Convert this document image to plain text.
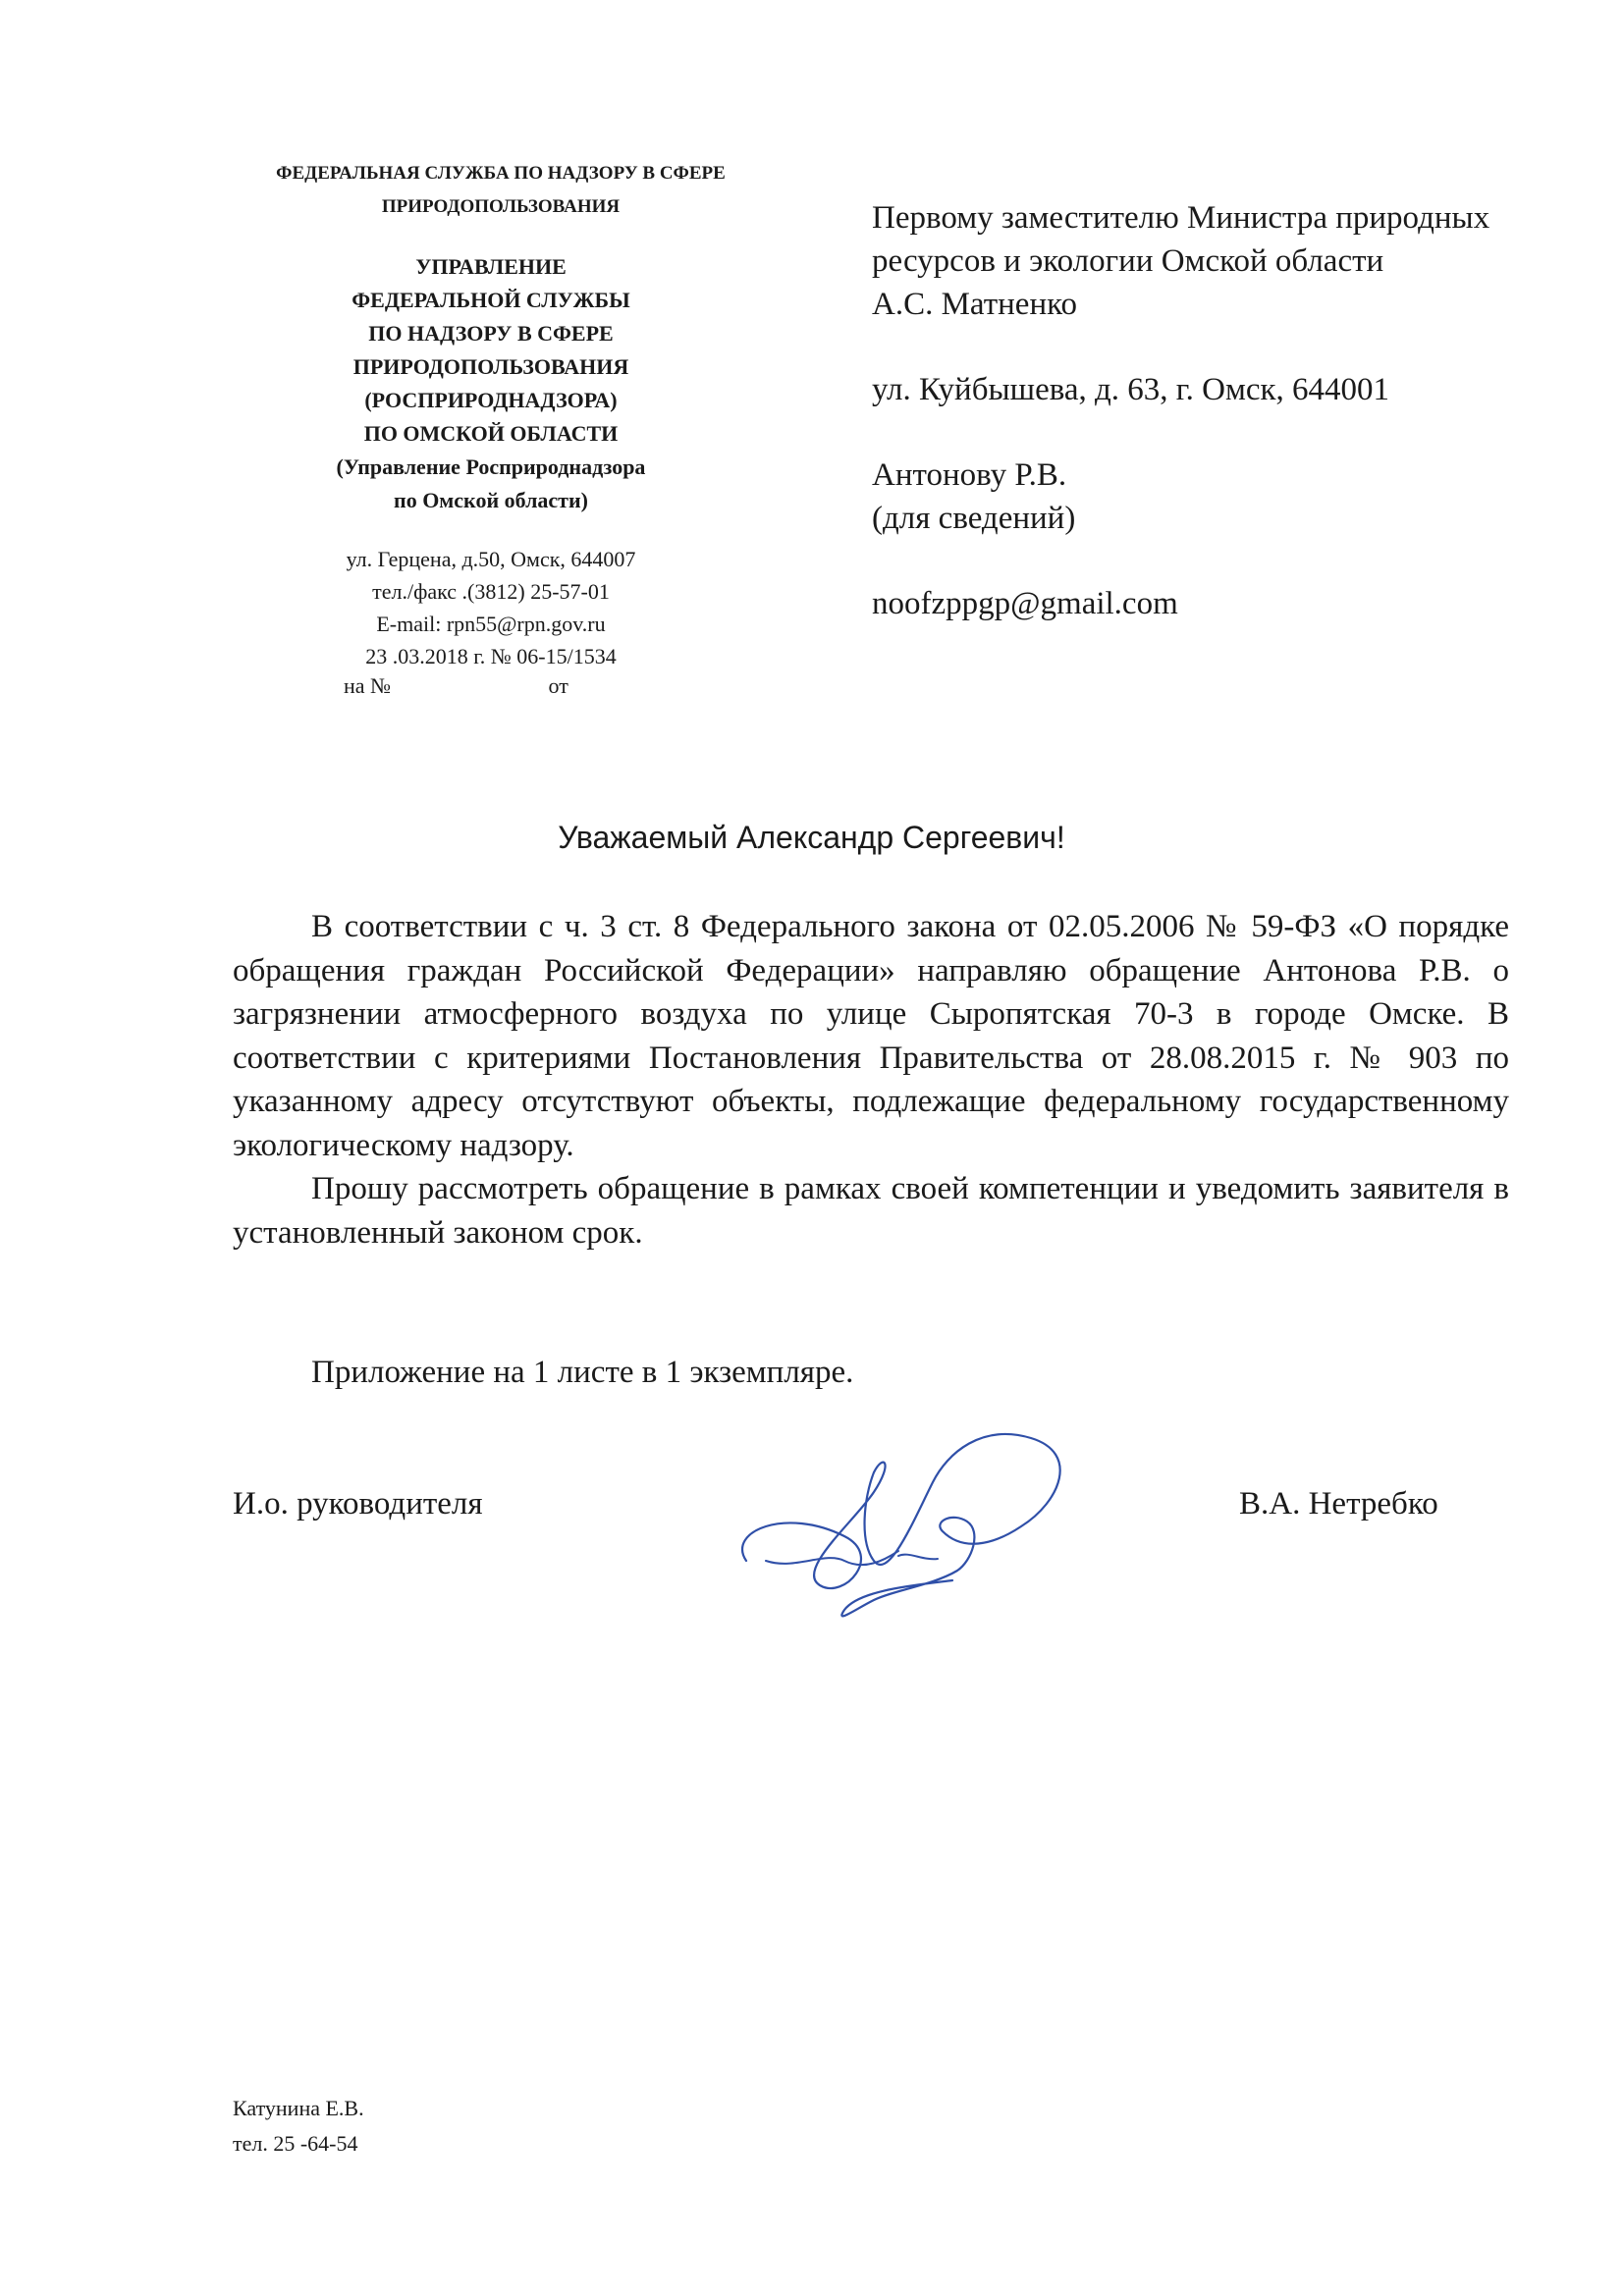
ФЕДЕРАЛЬНАЯ СЛУЖБА ПО НАДЗОРУ В СФЕРЕ
ПРИРОДОПОЛЬЗОВАНИЯ
УПРАВЛЕНИЕ
ФЕДЕРАЛЬНОЙ СЛУЖБЫ
ПО НАДЗОРУ В СФЕРЕ
ПРИРОДОПОЛЬЗОВАНИЯ
(РОСПРИРОДНАДЗОРА)
ПО ОМСКОЙ ОБЛАСТИ
(Управление Росприроднадзора
по Омской области)
ул. Герцена, д.50, Омск, 644007
тел./факс .(3812) 25-57-01
E-mail: rpn55@rpn.gov.ru
23 .03.2018 г. № 06-15/1534
на №	от

Первому заместителю Министра природных

ресурсов и экологии Омской области

А.С. Матненко

ул. Куйбышева, д. 63, г. Омск, 644001

Антонову Р.В.

(для сведений)

noofzppgp@gmail.com

Уважаемый Александр Сергеевич!

В соответствии с ч. 3 ст. 8 Федерального закона от 02.05.2006 № 59-ФЗ «О порядке обращения граждан Российской Федерации» направляю обращение Антонова Р.В. о загрязнении атмосферного воздуха по улице Сыропятская 70-3 в городе Омске. В соответствии с критериями Постановления Правительства от 28.08.2015 г. № 903 по указанному адресу отсутствуют объекты, подлежащие федеральному государственному экологическому надзору.

Прошу рассмотреть обращение в рамках своей компетенции и уведомить заявителя в установленный законом срок.

Приложение на 1 листе в 1 экземпляре.
И.о. руководителя	В.А. Нетребко
Катунина Е.В.
тел. 25 -64-54
